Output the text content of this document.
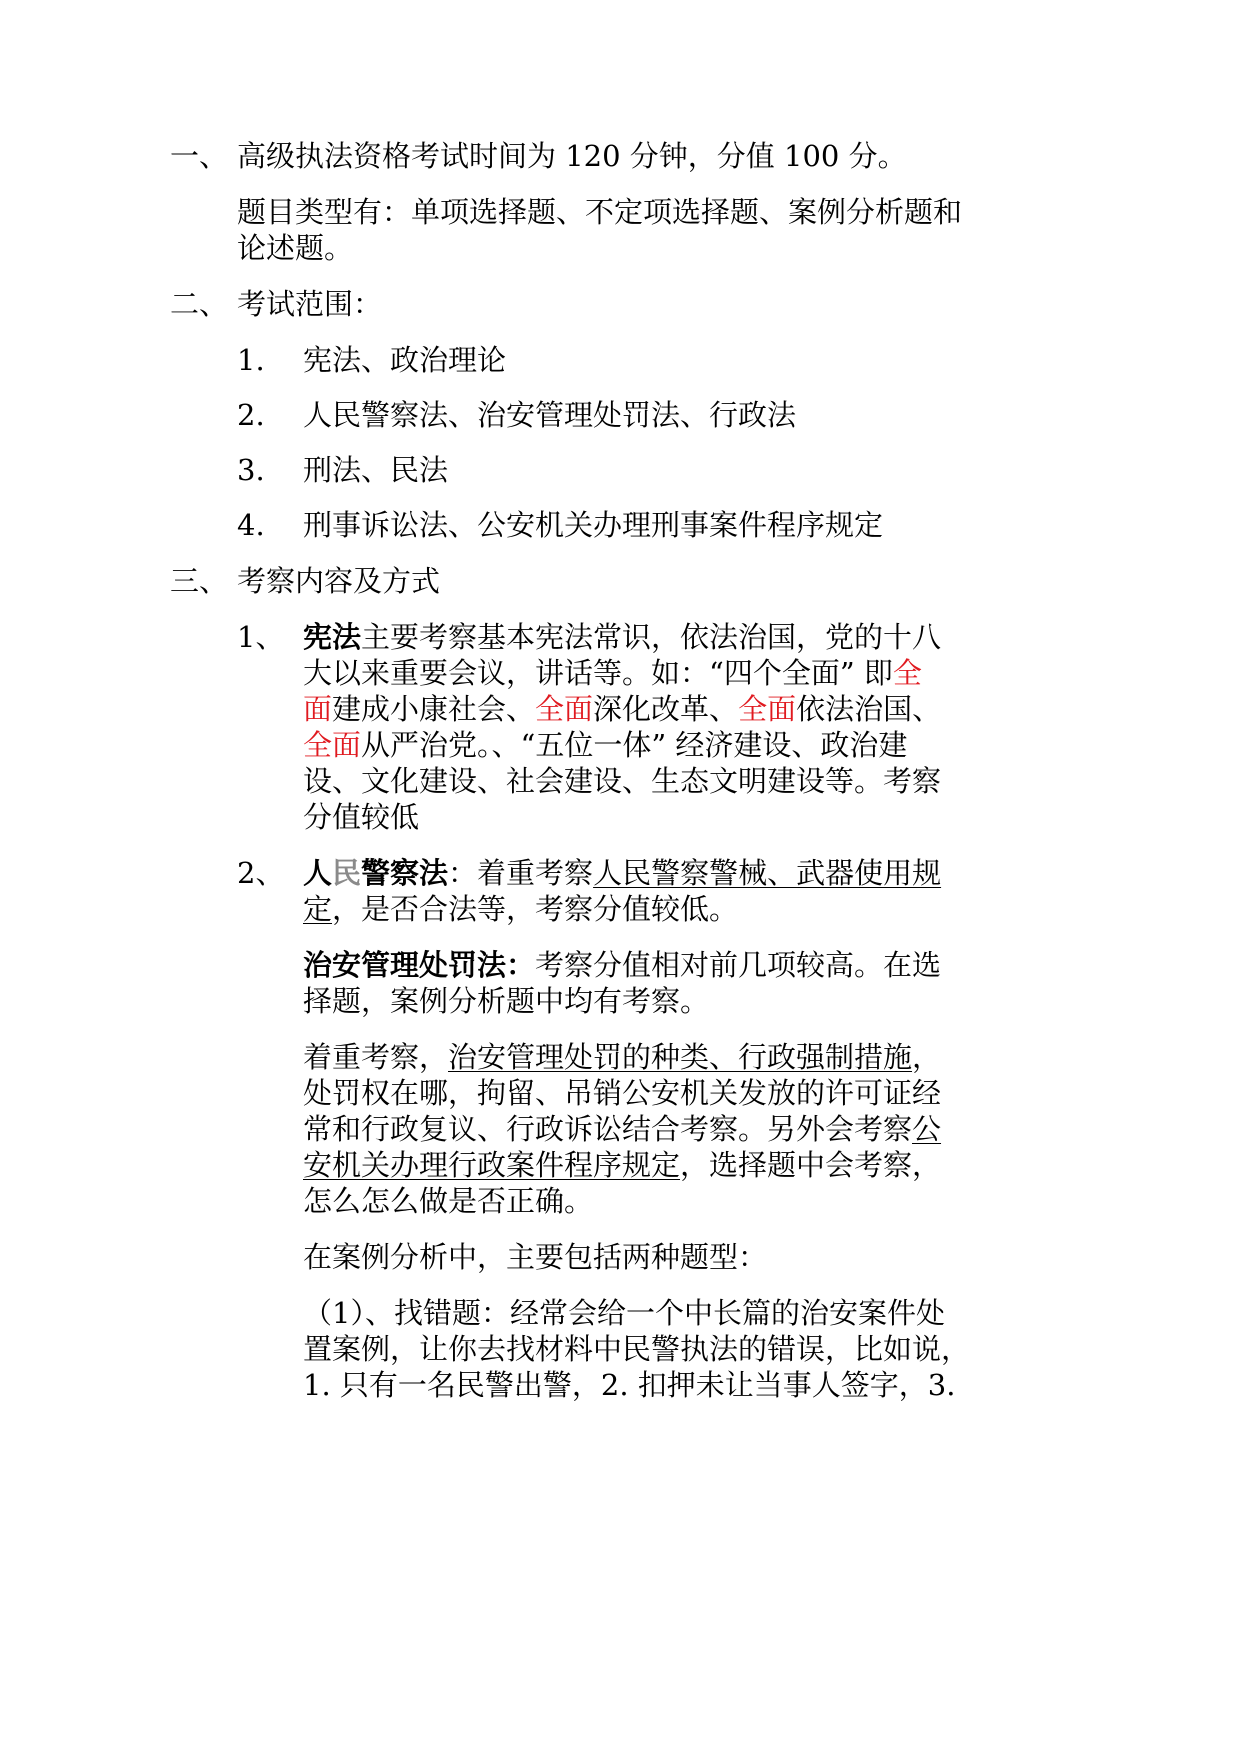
一、 高级执法资格考试时间为 120 分钟，分值 100 分。
题目类型有：单项选择题、不定项选择题、案例分析题和
论述题。
二、 考试范围：
1. 宪法、政治理论
2. 人民警察法、治安管理处罚法、行政法
3. 刑法、民法
4. 刑事诉讼法、公安机关办理刑事案件程序规定
三、 考察内容及方式
1、 宪法主要考察基本宪法常识，依法治国，党的十八
大以来重要会议，讲话等。如：“四个全面” 即全
面建成小康社会、全面深化改革、全面依法治国、
全面从严治党。、“五位一体” 经济建设、政治建
设、文化建设、社会建设、生态文明建设等。考察
分值较低
2、 人民警察法：着重考察人民警察警械、武器使用规
定，是否合法等，考察分值较低。
治安管理处罚法：考察分值相对前几项较高。在选
择题，案例分析题中均有考察。
着重考察，治安管理处罚的种类、行政强制措施，
处罚权在哪，拘留、吊销公安机关发放的许可证经
常和行政复议、行政诉讼结合考察。另外会考察公
安机关办理行政案件程序规定，选择题中会考察，
怎么怎么做是否正确。
在案例分析中，主要包括两种题型：
（1）、找错题：经常会给一个中长篇的治安案件处
置案例，让你去找材料中民警执法的错误，比如说，
1. 只有一名民警出警，2. 扣押未让当事人签字，3.
